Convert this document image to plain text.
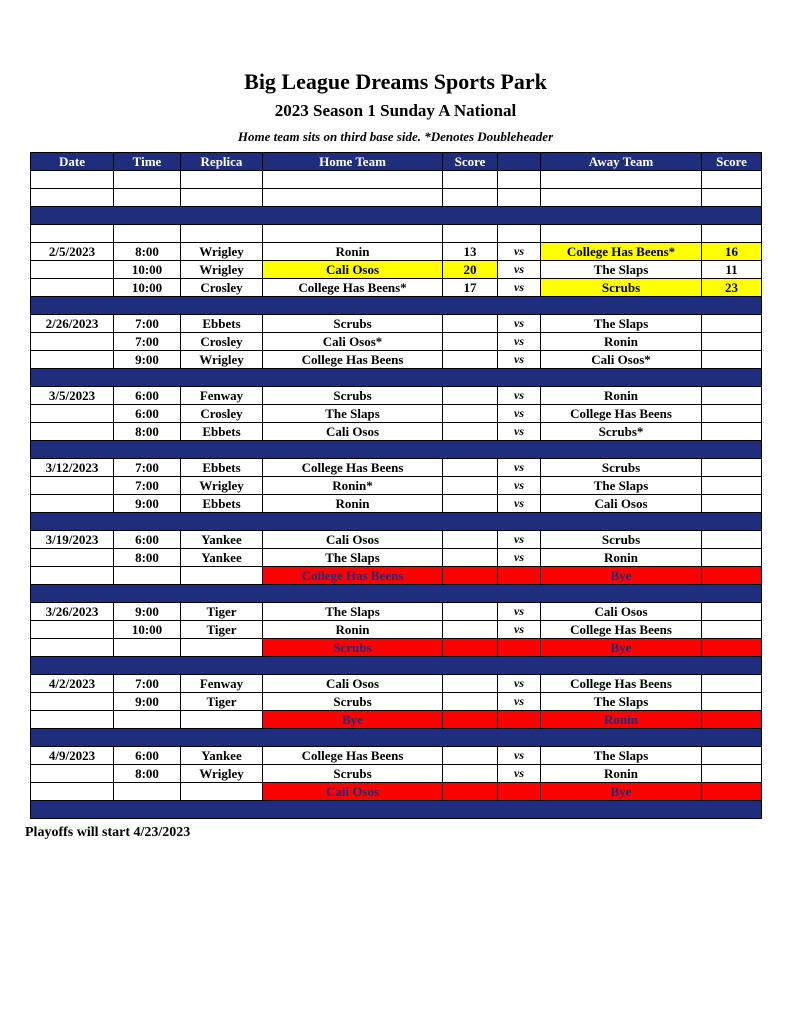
Big League Dreams Sports Park
2023 Season 1 Sunday A National
Home team sits on third base side. *Denotes Doubleheader
Date	Time	Replica	Home Team	Score		Away Team	Score

2/5/2023	8:00	Wrigley	Ronin	13	vs	College Has Beens*	16
	10:00	Wrigley	Cali Osos	20	vs	The Slaps	11
	10:00	Crosley	College Has Beens*	17	vs	Scrubs	23

2/26/2023	7:00	Ebbets	Scrubs		vs	The Slaps	
	7:00	Crosley	Cali Osos*		vs	Ronin	
	9:00	Wrigley	College Has Beens		vs	Cali Osos*	

3/5/2023	6:00	Fenway	Scrubs		vs	Ronin	
	6:00	Crosley	The Slaps		vs	College Has Beens	
	8:00	Ebbets	Cali Osos		vs	Scrubs*	

3/12/2023	7:00	Ebbets	College Has Beens		vs	Scrubs	
	7:00	Wrigley	Ronin*		vs	The Slaps	
	9:00	Ebbets	Ronin		vs	Cali Osos	

3/19/2023	6:00	Yankee	Cali Osos		vs	Scrubs	
	8:00	Yankee	The Slaps		vs	Ronin	
			College Has Beens			Bye	

3/26/2023	9:00	Tiger	The Slaps		vs	Cali Osos	
	10:00	Tiger	Ronin		vs	College Has Beens	
			Scrubs			Bye	

4/2/2023	7:00	Fenway	Cali Osos		vs	College Has Beens	
	9:00	Tiger	Scrubs		vs	The Slaps	
			Bye			Ronin	

4/9/2023	6:00	Yankee	College Has Beens		vs	The Slaps	
	8:00	Wrigley	Scrubs		vs	Ronin	
			Cali Osos			Bye	

Playoffs will start 4/23/2023
